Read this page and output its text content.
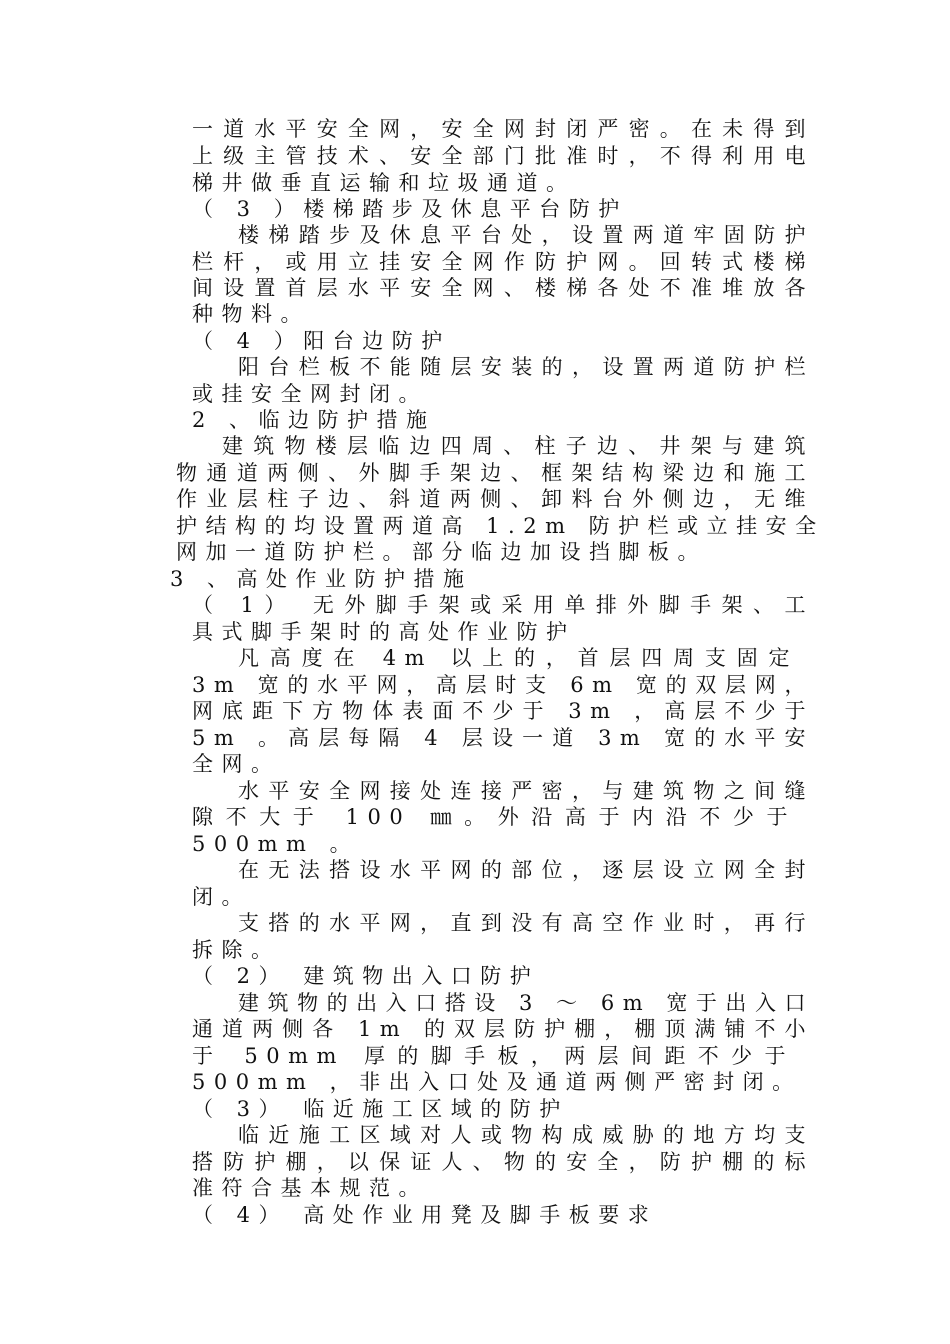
一道水平安全网，安全网封闭严密。在未得到
上级主管技术、安全部门批准时，不得利用电
梯井做垂直运输和垃圾通道。
（ 3 ）楼梯踏步及休息平台防护
楼梯踏步及休息平台处，设置两道牢固防护
栏杆，或用立挂安全网作防护网。回转式楼梯
间设置首层水平安全网、楼梯各处不准堆放各
种物料。
（ 4 ）阳台边防护
阳台栏板不能随层安装的，设置两道防护栏
或挂安全网封闭。
2 、临边防护措施
建筑物楼层临边四周、柱子边、井架与建筑
物通道两侧、外脚手架边、框架结构梁边和施工
作业层柱子边、斜道两侧、卸料台外侧边，无维
护结构的均设置两道高 1.2m 防护栏或立挂安全
网加一道防护栏。部分临边加设挡脚板。
3 、高处作业防护措施
（ 1） 无外脚手架或采用单排外脚手架、工
具式脚手架时的高处作业防护
凡高度在 4m 以上的，首层四周支固定
3m 宽的水平网，高层时支 6m 宽的双层网，
网底距下方物体表面不少于 3m ，高层不少于
5m 。高层每隔 4 层设一道 3m 宽的水平安
全网。
水平安全网接处连接严密，与建筑物之间缝
隙不大于 100 ㎜。外沿高于内沿不少于
500mm 。
在无法搭设水平网的部位，逐层设立网全封
闭。
支搭的水平网，直到没有高空作业时，再行
拆除。
（ 2） 建筑物出入口防护
建筑物的出入口搭设 3 ～ 6m 宽于出入口
通道两侧各 1m 的双层防护棚，棚顶满铺不小
于 50mm 厚的脚手板，两层间距不少于
500mm ，非出入口处及通道两侧严密封闭。
（ 3） 临近施工区域的防护
临近施工区域对人或物构成威胁的地方均支
搭防护棚，以保证人、物的安全，防护棚的标
准符合基本规范。
（ 4） 高处作业用凳及脚手板要求
